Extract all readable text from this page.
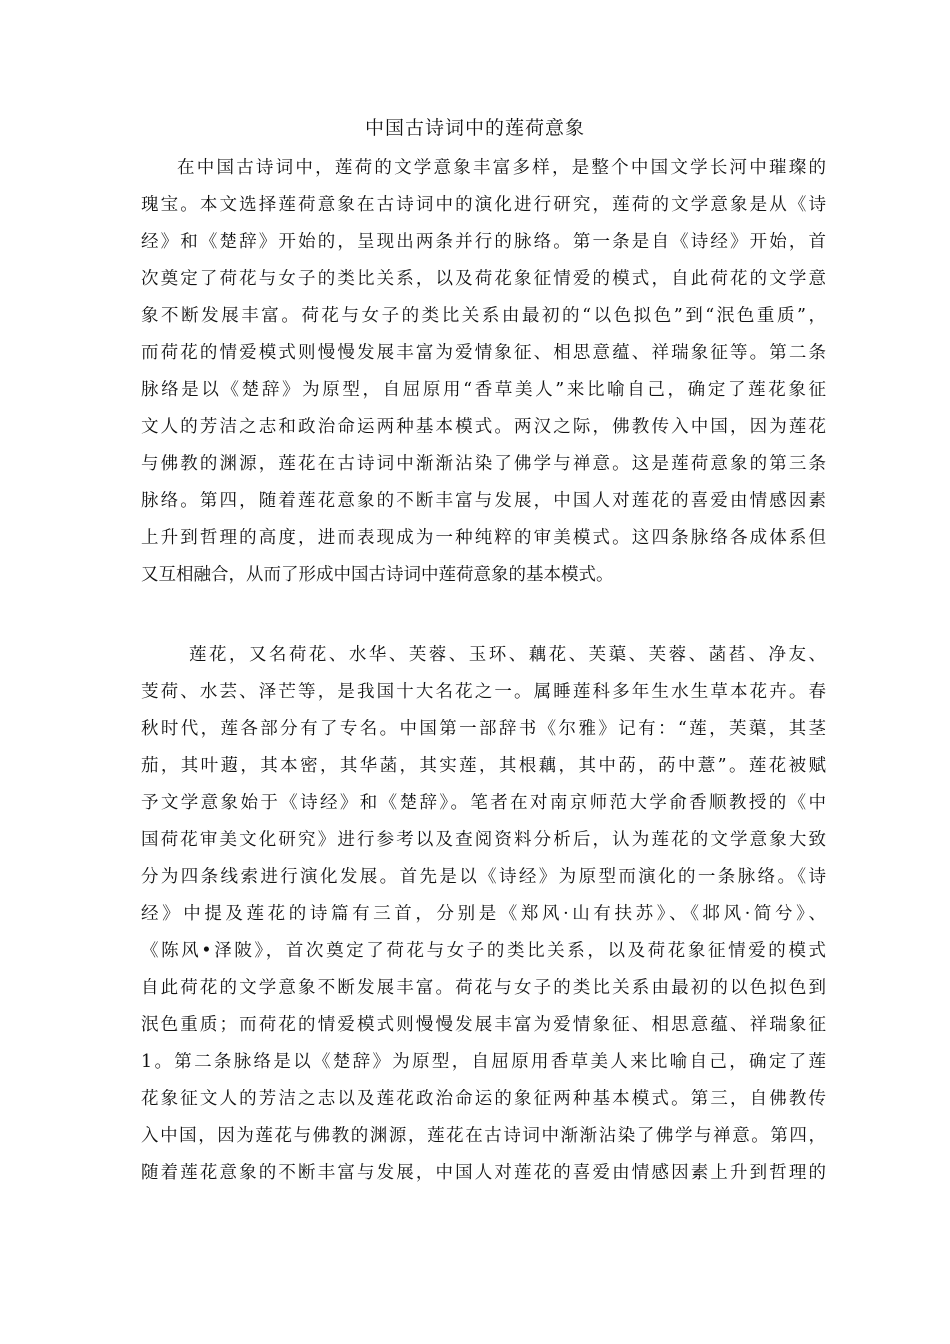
中国古诗词中的莲荷意象
在中国古诗词中，莲荷的文学意象丰富多样，是整个中国文学长河中璀璨的
瑰宝。本文选择莲荷意象在古诗词中的演化进行研究，莲荷的文学意象是从《诗
经》和《楚辞》开始的，呈现出两条并行的脉络。第一条是自《诗经》开始，首
次奠定了荷花与女子的类比关系，以及荷花象征情爱的模式，自此荷花的文学意
象不断发展丰富。荷花与女子的类比关系由最初的“以色拟色”到“泯色重质”，
而荷花的情爱模式则慢慢发展丰富为爱情象征、相思意蕴、祥瑞象征等。第二条
脉络是以《楚辞》为原型，自屈原用“香草美人”来比喻自己，确定了莲花象征
文人的芳洁之志和政治命运两种基本模式。两汉之际，佛教传入中国，因为莲花
与佛教的渊源，莲花在古诗词中渐渐沾染了佛学与禅意。这是莲荷意象的第三条
脉络。第四，随着莲花意象的不断丰富与发展，中国人对莲花的喜爱由情感因素
上升到哲理的高度，进而表现成为一种纯粹的审美模式。这四条脉络各成体系但
又互相融合，从而了形成中国古诗词中莲荷意象的基本模式。
莲花，又名荷花、水华、芙蓉、玉环、藕花、芙蕖、芙蓉、菡萏、净友、
芰荷、水芸、泽芒等，是我国十大名花之一。属睡莲科多年生水生草本花卉。春
秋时代，莲各部分有了专名。中国第一部辞书《尔雅》记有：“莲，芙蕖，其茎
茄，其叶蕸，其本密，其华菡，其实莲，其根藕，其中菂，菂中薏”。莲花被赋
予文学意象始于《诗经》和《楚辞》。笔者在对南京师范大学俞香顺教授的《中
国荷花审美文化研究》进行参考以及查阅资料分析后，认为莲花的文学意象大致
分为四条线索进行演化发展。首先是以《诗经》为原型而演化的一条脉络。《诗
经》中提及莲花的诗篇有三首，分别是《郑风·山有扶苏》、《邶风·简兮》、
《陈风•泽陂》，首次奠定了荷花与女子的类比关系，以及荷花象征情爱的模式
自此荷花的文学意象不断发展丰富。荷花与女子的类比关系由最初的以色拟色到
泯色重质；而荷花的情爱模式则慢慢发展丰富为爱情象征、相思意蕴、祥瑞象征
1。第二条脉络是以《楚辞》为原型，自屈原用香草美人来比喻自己，确定了莲
花象征文人的芳洁之志以及莲花政治命运的象征两种基本模式。第三，自佛教传
入中国，因为莲花与佛教的渊源，莲花在古诗词中渐渐沾染了佛学与禅意。第四，
随着莲花意象的不断丰富与发展，中国人对莲花的喜爱由情感因素上升到哲理的
